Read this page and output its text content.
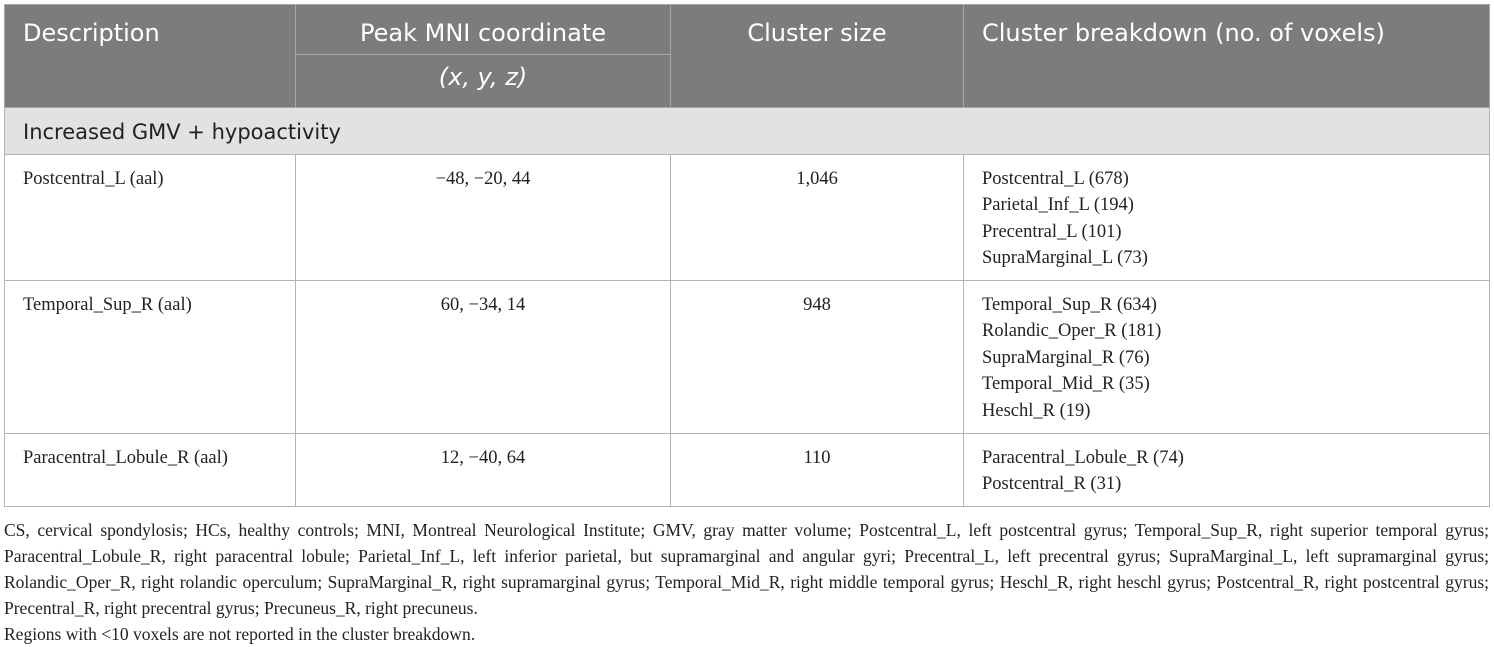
Description	Peak MNI coordinate	Cluster size	Cluster breakdown (no. of voxels)

	(x, y, z)		
Increased GMV + hypoactivity			
Postcentral_L (aal)	−48, −20, 44	1,046	Postcentral_L (678)
Parietal_Inf_L (194)
Precentral_L (101)
SupraMarginal_L (73)

Temporal_Sup_R (aal)	60, −34, 14	948	Temporal_Sup_R (634)
Rolandic_Oper_R (181)
SupraMarginal_R (76)
Temporal_Mid_R (35)
Heschl_R (19)

Paracentral_Lobule_R (aal)	12, −40, 64	110	Paracentral_Lobule_R (74)
Postcentral_R (31)

CS, cervical spondylosis; HCs, healthy controls; MNI, Montreal Neurological Institute; GMV, gray matter volume; Postcentral_L, left postcentral gyrus; Temporal_Sup_R, right superior temporal gyrus; Paracentral_Lobule_R, right paracentral lobule; Parietal_Inf_L, left inferior parietal, but supramarginal and angular gyri; Precentral_L, left precentral gyrus; SupraMarginal_L, left supramarginal gyrus; Rolandic_Oper_R, right rolandic operculum; SupraMarginal_R, right supramarginal gyrus; Temporal_Mid_R, right middle temporal gyrus; Heschl_R, right heschl gyrus; Postcentral_R, right postcentral gyrus; Precentral_R, right precentral gyrus; Precuneus_R, right precuneus.

Regions with <10 voxels are not reported in the cluster breakdown.
